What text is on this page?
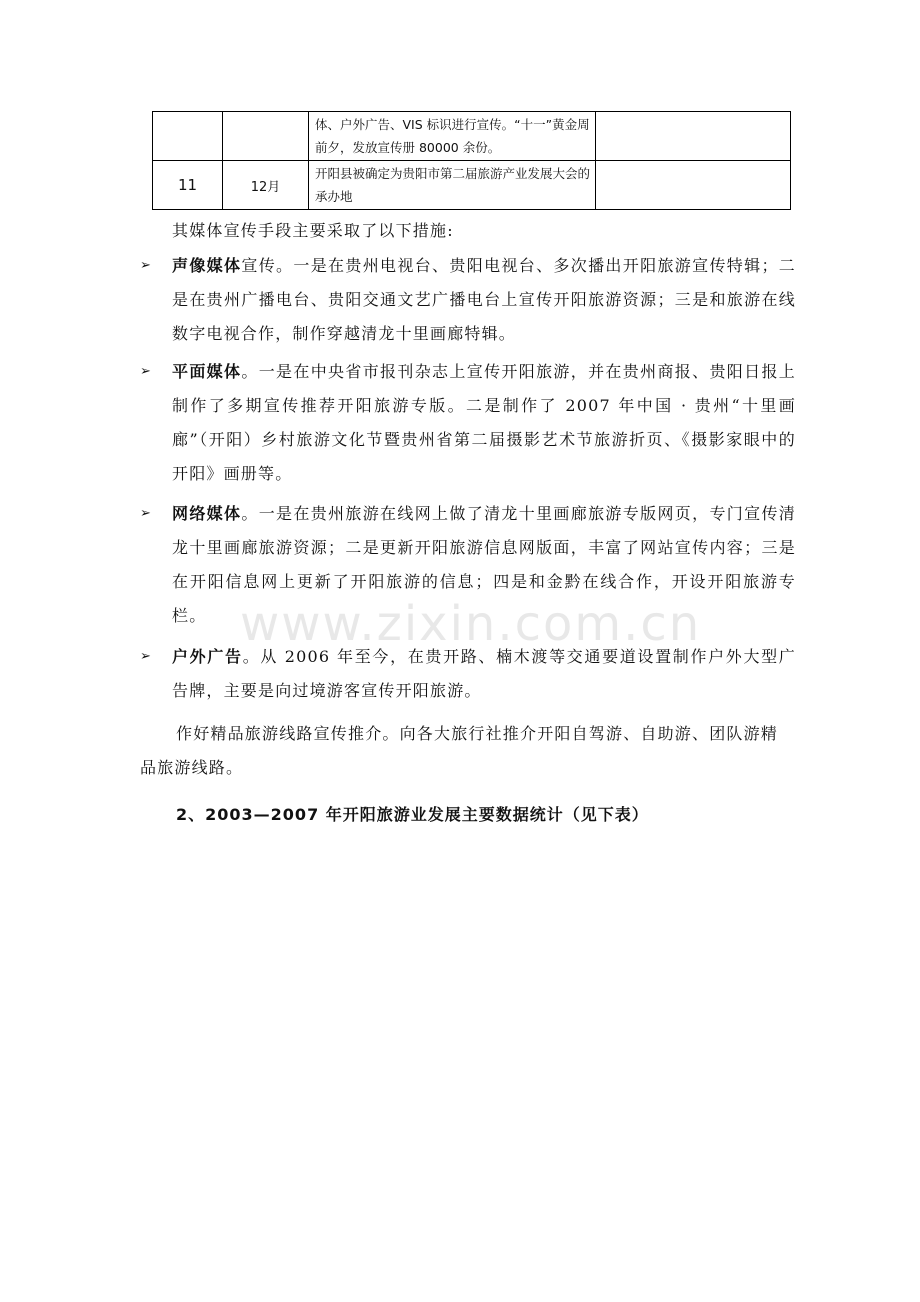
		体、户外广告、VIS 标识进行宣传。“十一”黄金周前夕，发放宣传册 80000 余份。	
11	12月	开阳县被确定为贵阳市第二届旅游产业发展大会的承办地	

其媒体宣传手段主要采取了以下措施:

➢ 声像媒体宣传。一是在贵州电视台、贵阳电视台、多次播出开阳旅游宣传特辑；二是在贵州广播电台、贵阳交通文艺广播电台上宣传开阳旅游资源；三是和旅游在线数字电视合作，制作穿越清龙十里画廊特辑。

➢ 平面媒体。一是在中央省市报刊杂志上宣传开阳旅游，并在贵州商报、贵阳日报上制作了多期宣传推荐开阳旅游专版。二是制作了 2007 年中国 · 贵州“十里画廊”（开阳）乡村旅游文化节暨贵州省第二届摄影艺术节旅游折页、《摄影家眼中的开阳》画册等。

➢ 网络媒体。一是在贵州旅游在线网上做了清龙十里画廊旅游专版网页，专门宣传清龙十里画廊旅游资源；二是更新开阳旅游信息网版面，丰富了网站宣传内容；三是在开阳信息网上更新了开阳旅游的信息；四是和金黔在线合作，开设开阳旅游专栏。

➢ 户外广告。从 2006 年至今，在贵开路、楠木渡等交通要道设置制作户外大型广告牌，主要是向过境游客宣传开阳旅游。

作好精品旅游线路宣传推介。向各大旅行社推介开阳自驾游、自助游、团队游精品旅游线路。

2、2003—2007 年开阳旅游业发展主要数据统计（见下表）

www.zixin.com.cn
